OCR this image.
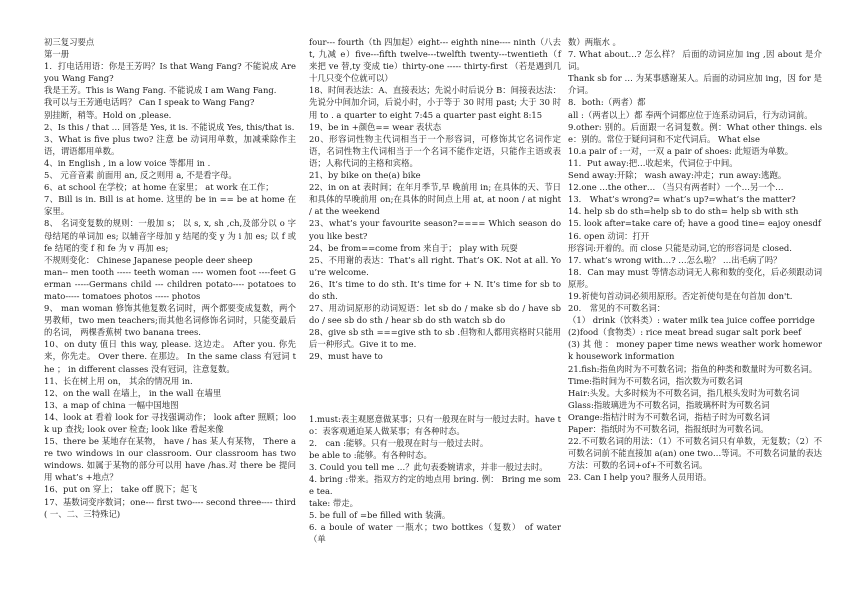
初三复习要点

第一册

1．打电话用语：你是王芳吗？Is that Wang Fang? 不能说成 Are you Wang Fang?

我是王芳。This is Wang Fang. 不能说成 I am Wang Fang.

我可以与王芳通电话吗？ Can I speak to Wang Fang?

别挂断，稍等。Hold on ,please.

2、Is this / that … 回答是 Yes, it is. 不能说成 Yes, this/that is.

3、What is five plus two? 注意 be 动词用单数，加减乘除作主语，谓语都用单数。

4、in English , in a low voice 等都用 in .

5、 元音音素 前面用 an, 反之则用 a, 不是看字母。

6、at school 在学校；at home 在家里； at work 在工作；

7、Bill is in. Bill is at home. 这里的 be in == be at home 在家里。

8、 名词变复数的规则：一般加 s； 以 s, x, sh ,ch,及部分以 o 字母结尾的单词加 es; 以辅音字母加 y 结尾的变 y 为 i 加 es; 以 f 或 fe 结尾的变 f 和 fe 为 v 再加 es;

不规则变化： Chinese Japanese people deer sheep

man-- men tooth ----- teeth woman ---- women foot ----feet German -----Germans child --- children potato---- potatoes tomato----- tomatoes photos ----- photos

9、 man woman 修饰其他复数名词时，两个都要变成复数，两个男教师，two men teachers;而其他名词修饰名词时，只能变最后的名词， 两棵香蕉树 two banana trees.

10、on duty 值日 this way, please. 这边走。 After you. 你先来，你先走。 Over there. 在那边。 In the same class 有冠词 the ； in different classes 没有冠词，注意复数。

11、长在树上用 on， 其余的情况用 in.

12、on the wall 在墙上， in the wall 在墙里

13、a map of china 一幅中国地图

14、look at 看着 look for 寻找强调动作； look after 照顾；look up 查找; look over 检查; look like 看起来像

15、there be 某地存在某物， have / has 某人有某物， There are two windows in our classroom. Our classroom has two windows. 如属于某物的部分可以用 have /has.对 there be 提问用 what’s +地点？

16、put on 穿上； take off 脱下；起飞

17、基数词变序数词；one--- first two---- second three---- third ( 一、二、三特殊记)

four--- fourth（th 四加起）eight--- eighth nine---- ninth（八去 t, 九减 e）five---fifth twelve---twelfth twenty---twentieth（f 来把 ve 替,ty 变成 tie）thirty-one ----- thirty-first （若是遇到几十几只变个位就可以）

18、时间表达法：A、直接表达；先说小时后说分 B：间接表达法：先说分中间加介词，后说小时，小于等于 30 时用 past; 大于 30 时用 to . a quarter to eight 7:45 a quarter past eight 8:15

19、be in +颜色== wear 表状态

20、形容词性物主代词相当于一个形容词，可修饰其它名词作定语，名词性物主代词相当于一个名词不能作定语，只能作主语或表语；人称代词的主格和宾格。

21、by bike on the(a) bike

22、in on at 表时间；在年月季节,早 晚前用 in; 在具体的天、节日和具体的早晚前用 on;在具体的时间点上用 at, at noon / at night / at the weekend

23、what’s your favourite season?==== Which season do you like best?

24、be from==come from 来自于； play with 玩耍

25、不用谢的表达：That’s all right. That’s OK. Not at all. You’re welcome.

26、It’s time to do sth. It’s time for + N. It’s time for sb to do sth.

27、用动词原形的动词短语：let sb do / make sb do / have sb do / see sb do sth / hear sb do sth watch sb do

28、give sb sth ===give sth to sb .但物和人都用宾格时只能用后一种形式。Give it to me.

29、must have to

1.must:表主观愿意做某事；只有一般现在时与一般过去时。have to：表客观通迫某人做某事；有各种时态。

2． can :能够。只有一般现在时与一般过去时。

be able to :能够。有各种时态。

3. Could you tell me …？此句表委婉请求，并非一般过去时。

4. bring :带来。指双方约定的地点用 bring. 例： Bring me some tea.

take: 带走。

5. be full of =be filled with 装满。

6. a boule of water 一瓶水；two bottkes（复数） of water （单

数）两瓶水 。

7. What about…? 怎么样？ 后面的动词应加 ing ,因 about 是介词。

Thank sb for … 为某事感谢某人。后面的动词应加 ing，因 for 是介词。

8．both:（两者）都

all :（两者以上）都 奉两个词都应位于连系动词后，行为动词前。

9.other: 别的。后面跟一名词复数。例：What other things. else：别的。常位于疑问词和不定代词后。 What else

10.a pair of :一对，一双 a pair of shoes: 此短语为单数。

11．Put away:把…收起来，代词位于中间。

Send away:开除； wash away:冲走；run away:逃跑。

12.one …the other… （当只有两者时）一个…另一个…

13． What’s wrong?= what’s up?=what’s the matter?

14. help sb do sth=help sb to do sth= help sb with sth

15. look after=take care of; have a good tine= eajoy onesdf

16. open 动词：打开

形容词:开着的。而 close 只能是动词,它的形容词是 closed.

17. what’s wrong with…? …怎么啦？ …出毛病了吗？

18．Can may must 等情态动词无人称和数的变化，后必须跟动词原形。

19.祈使句首动词必须用原形。否定祈使句是在句首加 don't.

20． 常见的不可数名词：

（1） drink（饮料类）: water milk tea juice coffee porridge

(2)food（食物类）: rice meat bread sugar salt pork beef

(3) 其 他 ： money paper time news weather work homework housework information

21.fish:指鱼肉时为不可数名词；指鱼的种类和数量时为可数名词。

Time:指时间为不可数名词，指次数为可数名词

Hair:头发。大多时候为不可数名词，指几根头发时为可数名词

Glass:指玻璃进为不可数名词，指玻璃杯时为可数名词

Orange:指桔汁时为不可数名词，指桔子时为可数名词

Paper：指纸时为不可数名词，指报纸时为可数名词。

22.不可数名词的用法：（1）不可数名词只有单数，无复数；（2）不可数名词前不能直接加 a(an) one two…等词。不可数名词量的表达方法：可数的名词+of+不可数名词。

23. Can I help you? 服务人员用语。
